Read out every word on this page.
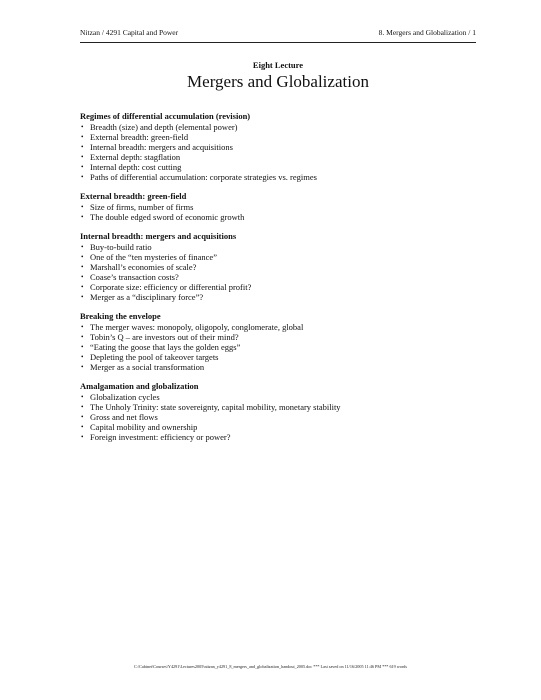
Nitzan / 4291 Capital and Power	8. Mergers and Globalization / 1
Eight Lecture
Mergers and Globalization
Regimes of differential accumulation (revision)
• Breadth (size) and depth (elemental power)
• External breadth: green-field
• Internal breadth: mergers and acquisitions
• External depth: stagflation
• Internal depth: cost cutting
• Paths of differential accumulation: corporate strategies vs. regimes
External breadth: green-field
• Size of firms, number of firms
• The double edged sword of economic growth
Internal breadth: mergers and acquisitions
• Buy-to-build ratio
• One of the “ten mysteries of finance”
• Marshall’s economies of scale?
• Coase’s transaction costs?
• Corporate size: efficiency or differential profit?
• Merger as a “disciplinary force”?
Breaking the envelope
• The merger waves: monopoly, oligopoly, conglomerate, global
• Tobin’s Q – are investors out of their mind?
• “Eating the goose that lays the golden eggs”
• Depleting the pool of takeover targets
• Merger as a social transformation
Amalgamation and globalization
• Globalization cycles
• The Unholy Trinity: state sovereignty, capital mobility, monetary stability
• Gross and net flows
• Capital mobility and ownership
• Foreign investment: efficiency or power?
C:\Cabinet\Courses\Y4291\Lectures2005\nitzan_y4291_8_mergers_and_globalization_handout_2005.doc *** Last saved on 11/16/2005 11:46 PM *** 619 words
